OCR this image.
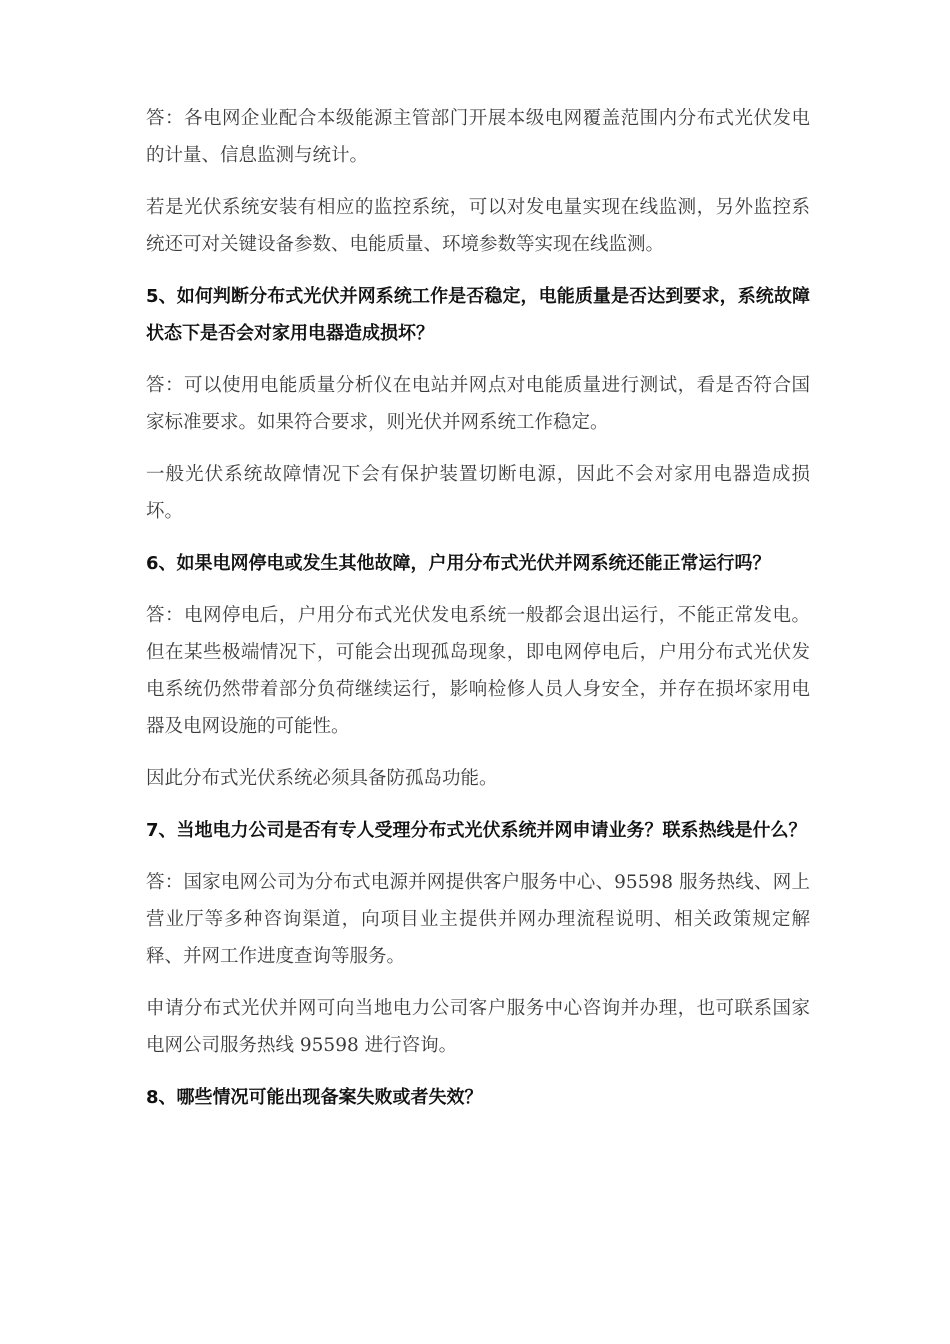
答：各电网企业配合本级能源主管部门开展本级电网覆盖范围内分布式光伏发电的计量、信息监测与统计。

若是光伏系统安装有相应的监控系统，可以对发电量实现在线监测，另外监控系统还可对关键设备参数、电能质量、环境参数等实现在线监测。

5、如何判断分布式光伏并网系统工作是否稳定，电能质量是否达到要求，系统故障状态下是否会对家用电器造成损坏？

答：可以使用电能质量分析仪在电站并网点对电能质量进行测试，看是否符合国家标准要求。如果符合要求，则光伏并网系统工作稳定。

一般光伏系统故障情况下会有保护装置切断电源，因此不会对家用电器造成损坏。

6、如果电网停电或发生其他故障，户用分布式光伏并网系统还能正常运行吗？

答：电网停电后，户用分布式光伏发电系统一般都会退出运行，不能正常发电。但在某些极端情况下，可能会出现孤岛现象，即电网停电后，户用分布式光伏发电系统仍然带着部分负荷继续运行，影响检修人员人身安全，并存在损坏家用电器及电网设施的可能性。

因此分布式光伏系统必须具备防孤岛功能。

7、当地电力公司是否有专人受理分布式光伏系统并网申请业务？联系热线是什么？

答：国家电网公司为分布式电源并网提供客户服务中心、95598 服务热线、网上营业厅等多种咨询渠道，向项目业主提供并网办理流程说明、相关政策规定解释、并网工作进度查询等服务。

申请分布式光伏并网可向当地电力公司客户服务中心咨询并办理，也可联系国家电网公司服务热线 95598 进行咨询。

8、哪些情况可能出现备案失败或者失效？
